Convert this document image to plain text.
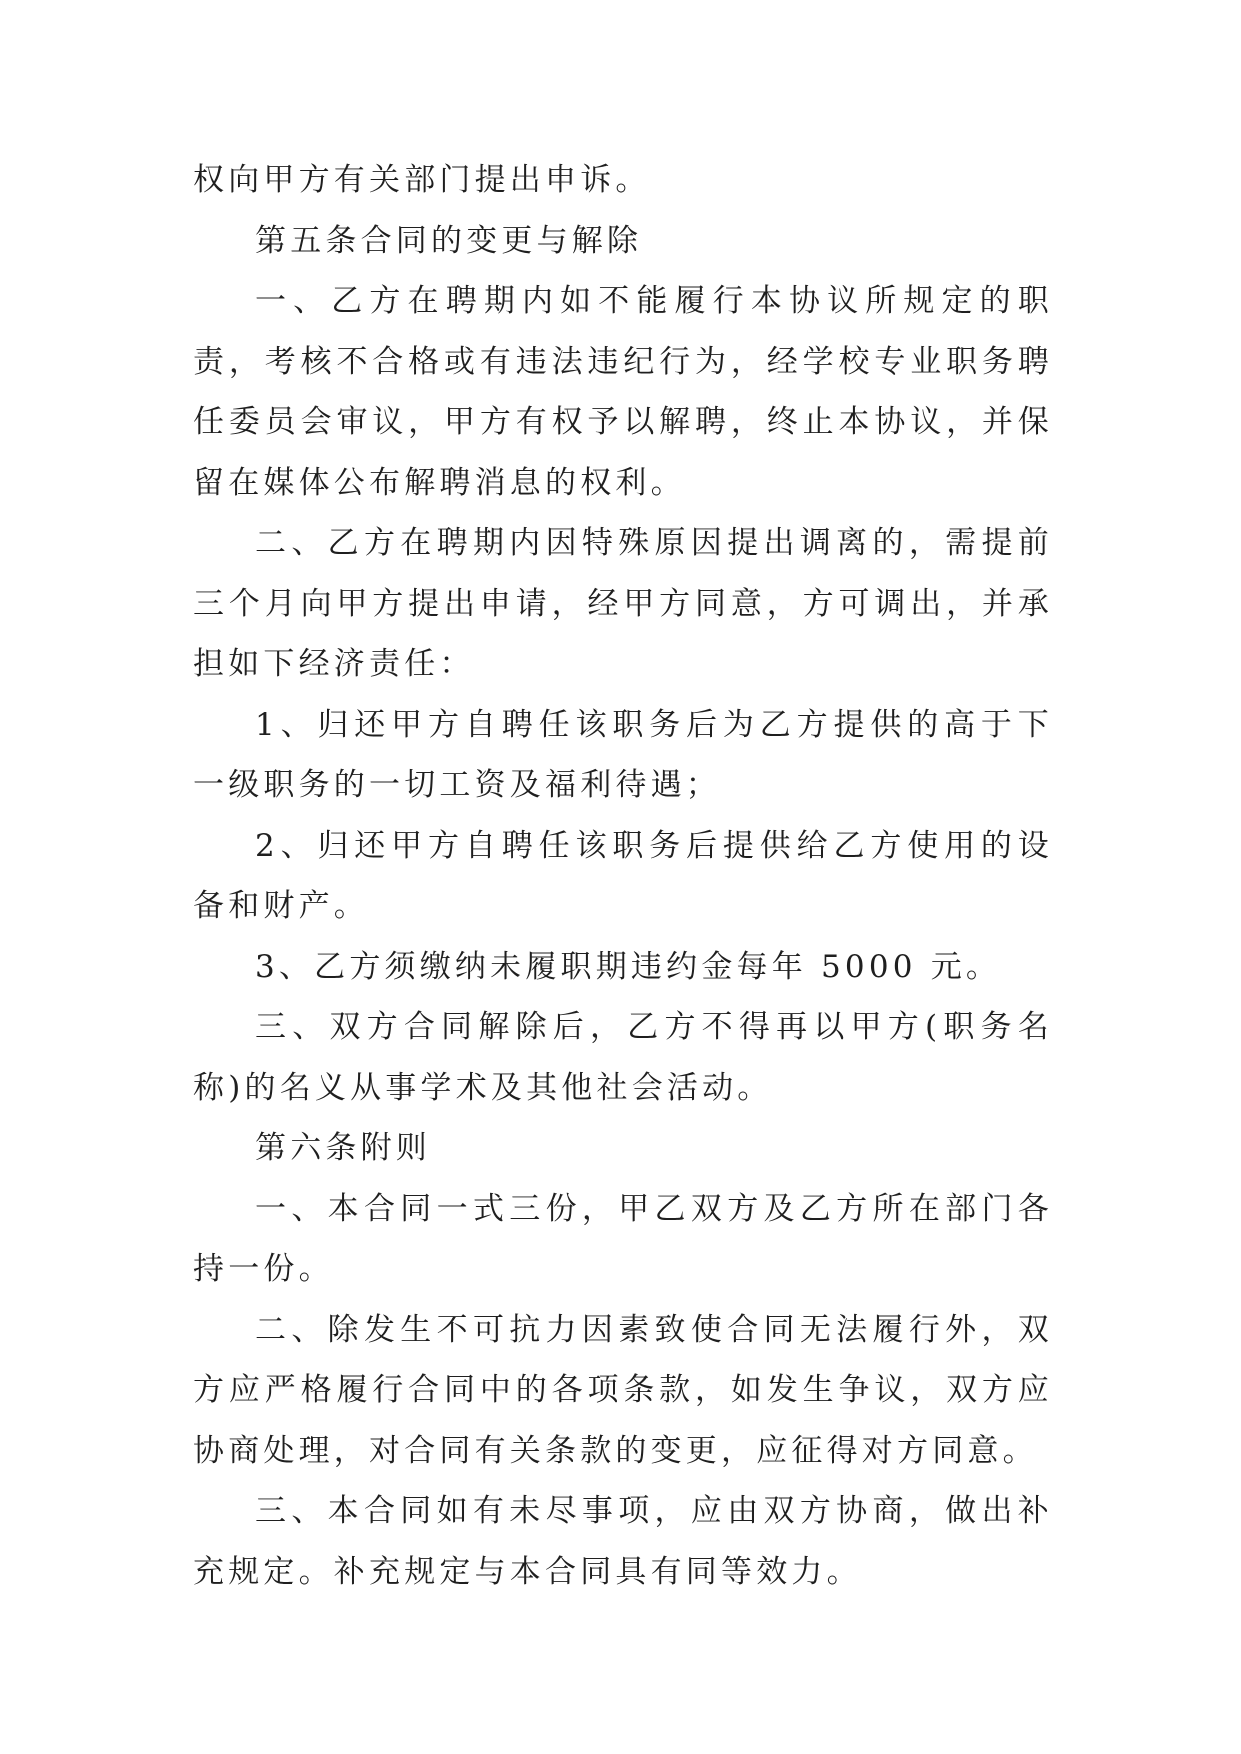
权向甲方有关部门提出申诉。

第五条合同的变更与解除

一、乙方在聘期内如不能履行本协议所规定的职责，考核不合格或有违法违纪行为，经学校专业职务聘任委员会审议，甲方有权予以解聘，终止本协议，并保留在媒体公布解聘消息的权利。

二、乙方在聘期内因特殊原因提出调离的，需提前三个月向甲方提出申请，经甲方同意，方可调出，并承担如下经济责任：

1、归还甲方自聘任该职务后为乙方提供的高于下一级职务的一切工资及福利待遇；

2、归还甲方自聘任该职务后提供给乙方使用的设备和财产。

3、乙方须缴纳未履职期违约金每年 5000 元。

三、双方合同解除后，乙方不得再以甲方(职务名称)的名义从事学术及其他社会活动。

第六条附则

一、本合同一式三份，甲乙双方及乙方所在部门各持一份。

二、除发生不可抗力因素致使合同无法履行外，双方应严格履行合同中的各项条款，如发生争议，双方应协商处理，对合同有关条款的变更，应征得对方同意。

三、本合同如有未尽事项，应由双方协商，做出补充规定。补充规定与本合同具有同等效力。
